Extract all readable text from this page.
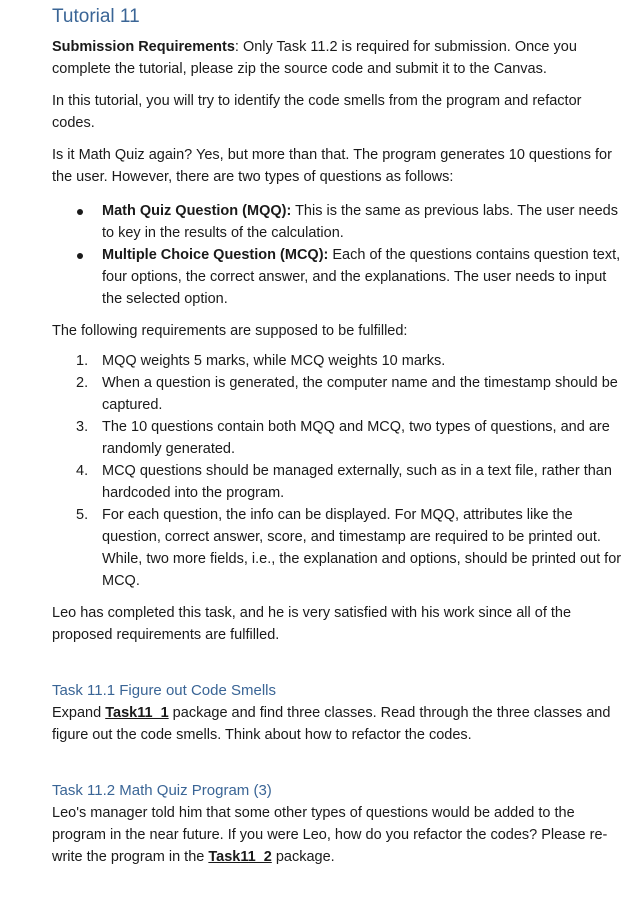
Tutorial 11

Submission Requirements: Only Task 11.2 is required for submission. Once you complete the tutorial, please zip the source code and submit it to the Canvas.

In this tutorial, you will try to identify the code smells from the program and refactor codes.

Is it Math Quiz again? Yes, but more than that. The program generates 10 questions for the user. However, there are two types of questions as follows:

Math Quiz Question (MQQ): This is the same as previous labs. The user needs to key in the results of the calculation.
Multiple Choice Question (MCQ): Each of the questions contains question text, four options, the correct answer, and the explanations. The user needs to input the selected option.

The following requirements are supposed to be fulfilled:

1. MQQ weights 5 marks, while MCQ weights 10 marks.
2. When a question is generated, the computer name and the timestamp should be captured.
3. The 10 questions contain both MQQ and MCQ, two types of questions, and are randomly generated.
4. MCQ questions should be managed externally, such as in a text file, rather than hardcoded into the program.
5. For each question, the info can be displayed. For MQQ, attributes like the question, correct answer, score, and timestamp are required to be printed out. While, two more fields, i.e., the explanation and options, should be printed out for MCQ.

Leo has completed this task, and he is very satisfied with his work since all of the proposed requirements are fulfilled.

Task 11.1 Figure out Code Smells

Expand Task11_1 package and find three classes. Read through the three classes and figure out the code smells. Think about how to refactor the codes.

Task 11.2 Math Quiz Program (3)

Leo's manager told him that some other types of questions would be added to the program in the near future. If you were Leo, how do you refactor the codes? Please re-write the program in the Task11_2 package.
